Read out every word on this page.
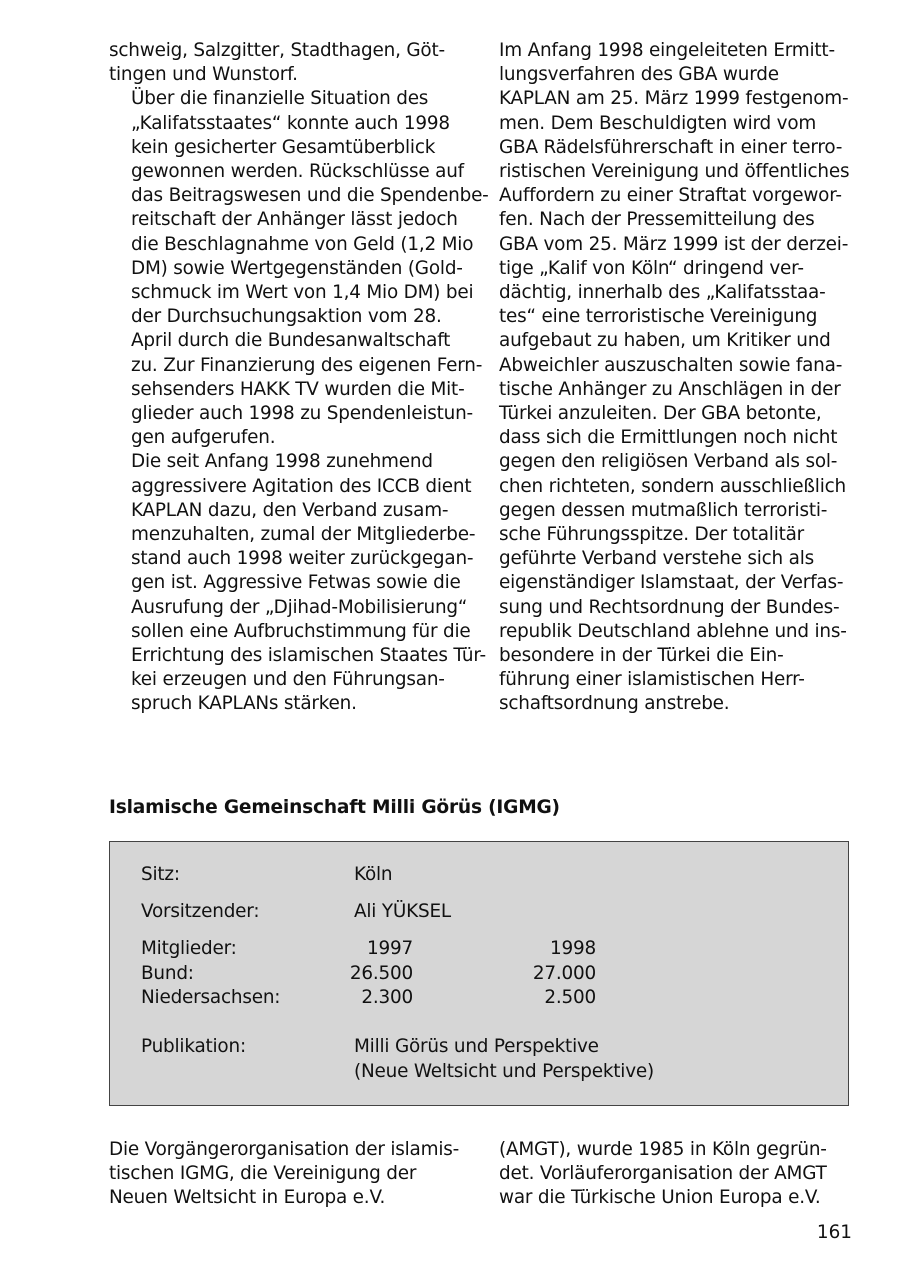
schweig, Salzgitter, Stadthagen, Göt-
tingen und Wunstorf.

Über die finanzielle Situation des
„Kalifatsstaates“ konnte auch 1998
kein gesicherter Gesamtüberblick
gewonnen werden. Rückschlüsse auf
das Beitragswesen und die Spendenbe-
reitschaft der Anhänger lässt jedoch
die Beschlagnahme von Geld (1,2 Mio
DM) sowie Wertgegenständen (Gold-
schmuck im Wert von 1,4 Mio DM) bei
der Durchsuchungsaktion vom 28.
April durch die Bundesanwaltschaft
zu. Zur Finanzierung des eigenen Fern-
sehsenders HAKK TV wurden die Mit-
glieder auch 1998 zu Spendenleistun-
gen aufgerufen.

Die seit Anfang 1998 zunehmend
aggressivere Agitation des ICCB dient
KAPLAN dazu, den Verband zusam-
menzuhalten, zumal der Mitgliederbe-
stand auch 1998 weiter zurückgegan-
gen ist. Aggressive Fetwas sowie die
Ausrufung der „Djihad-Mobilisierung“
sollen eine Aufbruchstimmung für die
Errichtung des islamischen Staates Tür-
kei erzeugen und den Führungsan-
spruch KAPLANs stärken.

Im Anfang 1998 eingeleiteten Ermitt-
lungsverfahren des GBA wurde
KAPLAN am 25. März 1999 festgenom-
men. Dem Beschuldigten wird vom
GBA Rädelsführerschaft in einer terro-
ristischen Vereinigung und öffentliches
Auffordern zu einer Straftat vorgewor-
fen. Nach der Pressemitteilung des
GBA vom 25. März 1999 ist der derzei-
tige „Kalif von Köln“ dringend ver-
dächtig, innerhalb des „Kalifatsstaa-
tes“ eine terroristische Vereinigung
aufgebaut zu haben, um Kritiker und
Abweichler auszuschalten sowie fana-
tische Anhänger zu Anschlägen in der
Türkei anzuleiten. Der GBA betonte,
dass sich die Ermittlungen noch nicht
gegen den religiösen Verband als sol-
chen richteten, sondern ausschließlich
gegen dessen mutmaßlich terroristi-
sche Führungsspitze. Der totalitär
geführte Verband verstehe sich als
eigenständiger Islamstaat, der Verfas-
sung und Rechtsordnung der Bundes-
republik Deutschland ablehne und ins-
besondere in der Türkei die Ein-
führung einer islamistischen Herr-
schaftsordnung anstrebe.

Islamische Gemeinschaft Milli Görüs (IGMG)
Sitz:	Köln
Vorsitzender:	Ali YÜKSEL
Mitglieder:	1997	1998
Bund:	26.500	27.000
Niedersachsen:	2.300	2.500
Publikation:	Milli Görüs und Perspektive
(Neue Weltsicht und Perspektive)

Die Vorgängerorganisation der islamis-
tischen IGMG, die Vereinigung der
Neuen Weltsicht in Europa e.V.

(AMGT), wurde 1985 in Köln gegrün-
det. Vorläuferorganisation der AMGT
war die Türkische Union Europa e.V.

161
